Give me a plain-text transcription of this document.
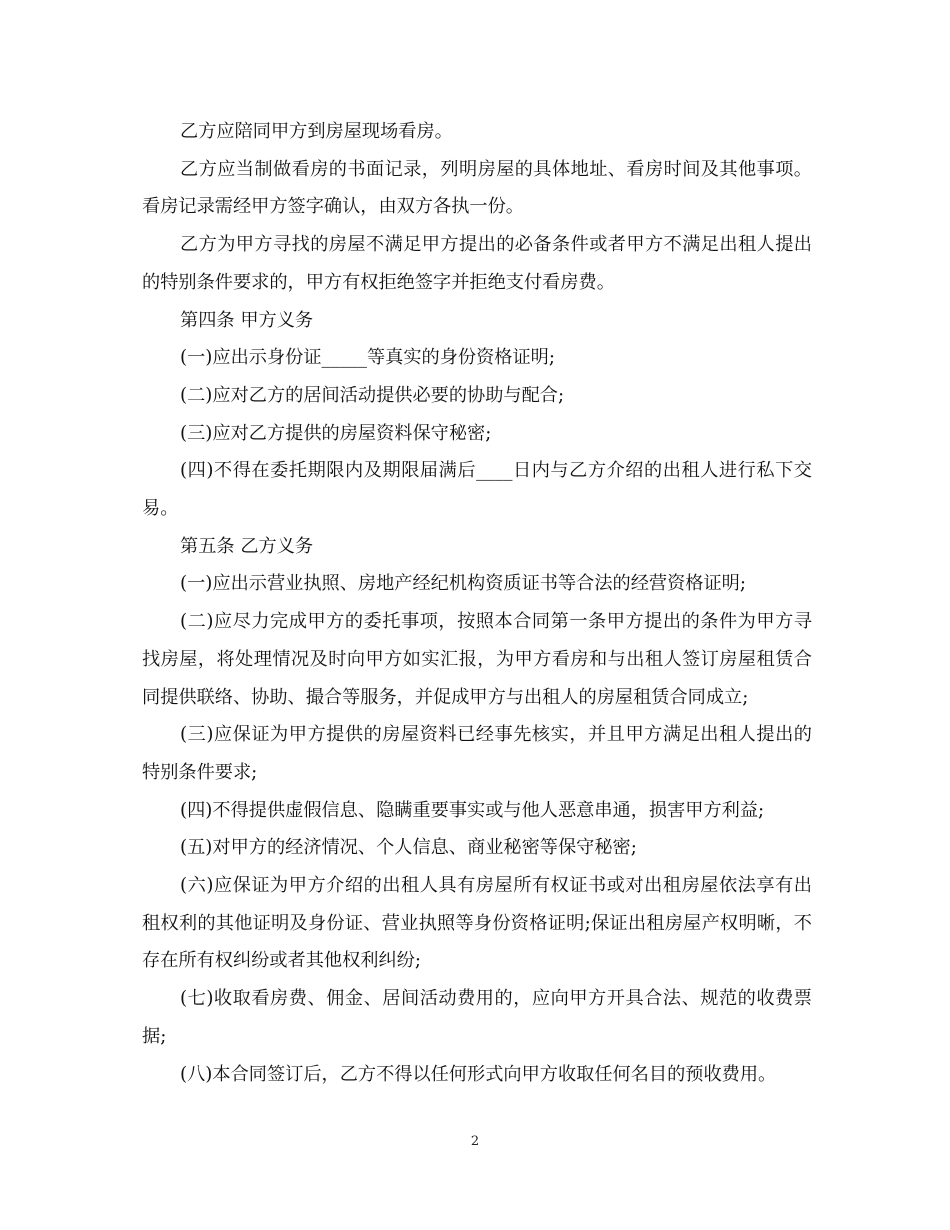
乙方应陪同甲方到房屋现场看房。

乙方应当制做看房的书面记录，列明房屋的具体地址、看房时间及其他事项。看房记录需经甲方签字确认，由双方各执一份。

乙方为甲方寻找的房屋不满足甲方提出的必备条件或者甲方不满足出租人提出的特别条件要求的，甲方有权拒绝签字并拒绝支付看房费。

第四条 甲方义务

(一)应出示身份证_____等真实的身份资格证明;

(二)应对乙方的居间活动提供必要的协助与配合;

(三)应对乙方提供的房屋资料保守秘密;

(四)不得在委托期限内及期限届满后____日内与乙方介绍的出租人进行私下交易。

第五条 乙方义务

(一)应出示营业执照、房地产经纪机构资质证书等合法的经营资格证明;

(二)应尽力完成甲方的委托事项，按照本合同第一条甲方提出的条件为甲方寻找房屋，将处理情况及时向甲方如实汇报，为甲方看房和与出租人签订房屋租赁合同提供联络、协助、撮合等服务，并促成甲方与出租人的房屋租赁合同成立;

(三)应保证为甲方提供的房屋资料已经事先核实，并且甲方满足出租人提出的特别条件要求;

(四)不得提供虚假信息、隐瞒重要事实或与他人恶意串通，损害甲方利益;

(五)对甲方的经济情况、个人信息、商业秘密等保守秘密;

(六)应保证为甲方介绍的出租人具有房屋所有权证书或对出租房屋依法享有出租权利的其他证明及身份证、营业执照等身份资格证明;保证出租房屋产权明晰，不存在所有权纠纷或者其他权利纠纷;

(七)收取看房费、佣金、居间活动费用的，应向甲方开具合法、规范的收费票据;

(八)本合同签订后，乙方不得以任何形式向甲方收取任何名目的预收费用。

2
